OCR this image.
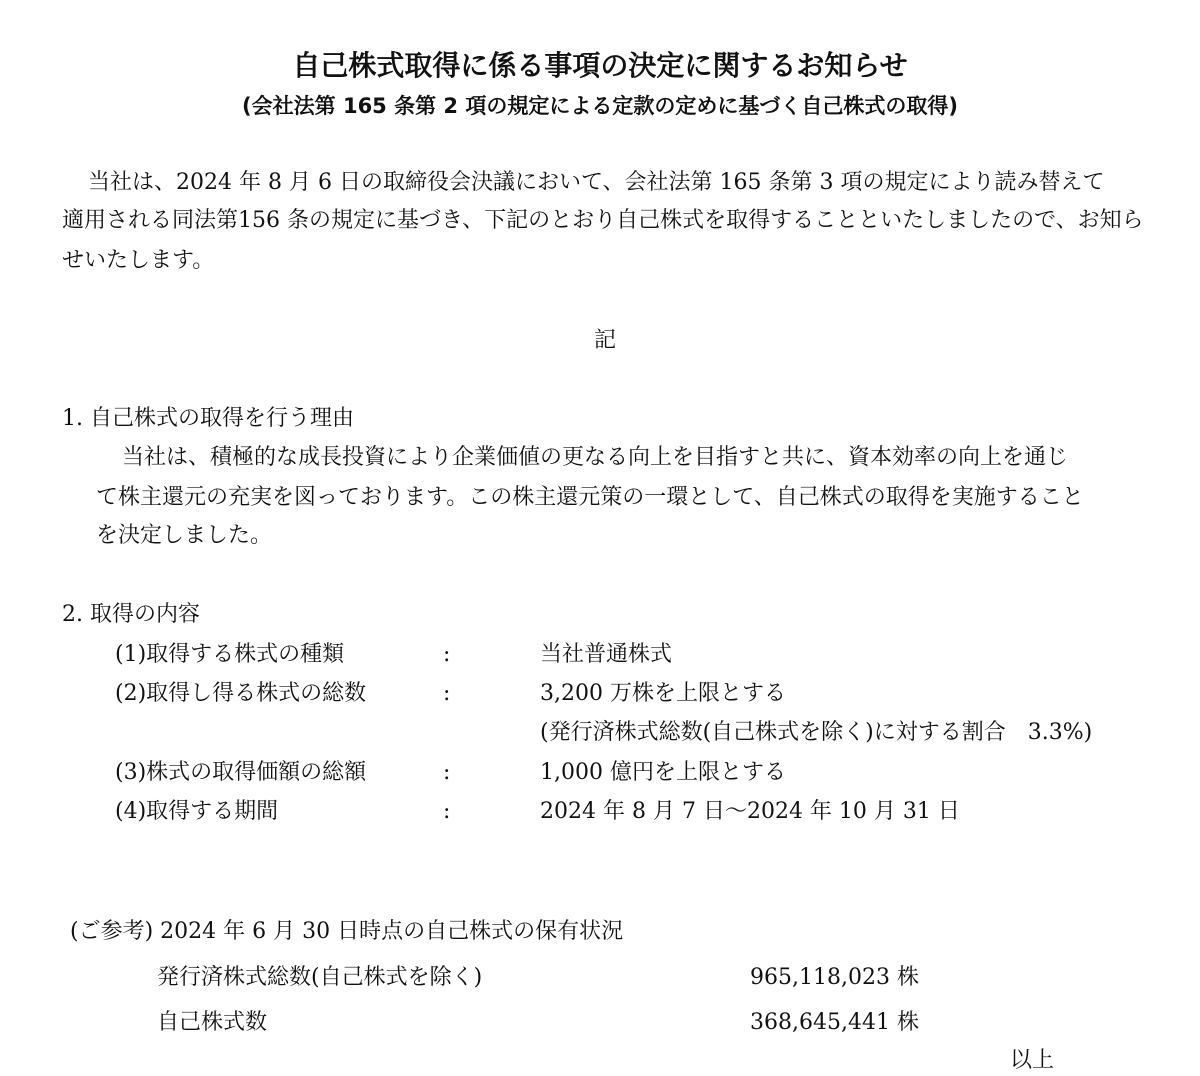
自己株式取得に係る事項の決定に関するお知らせ
(会社法第 165 条第 2 項の規定による定款の定めに基づく自己株式の取得)
当社は、2024 年 8 月 6 日の取締役会決議において、会社法第 165 条第 3 項の規定により読み替えて
適用される同法第156 条の規定に基づき、下記のとおり自己株式を取得することといたしましたので、お知ら
せいたします。
記
1. 自己株式の取得を行う理由
当社は、積極的な成長投資により企業価値の更なる向上を目指すと共に、資本効率の向上を通じ
て株主還元の充実を図っております。この株主還元策の一環として、自己株式の取得を実施すること
を決定しました。
2. 取得の内容
(1)取得する株式の種類	:	当社普通株式
(2)取得し得る株式の総数	:	3,200 万株を上限とする
(発行済株式総数(自己株式を除く)に対する割合　3.3%)
(3)株式の取得価額の総額	:	1,000 億円を上限とする
(4)取得する期間	:	2024 年 8 月 7 日～2024 年 10 月 31 日
(ご参考) 2024 年 6 月 30 日時点の自己株式の保有状況
発行済株式総数(自己株式を除く)	965,118,023 株
自己株式数	368,645,441 株
以上
